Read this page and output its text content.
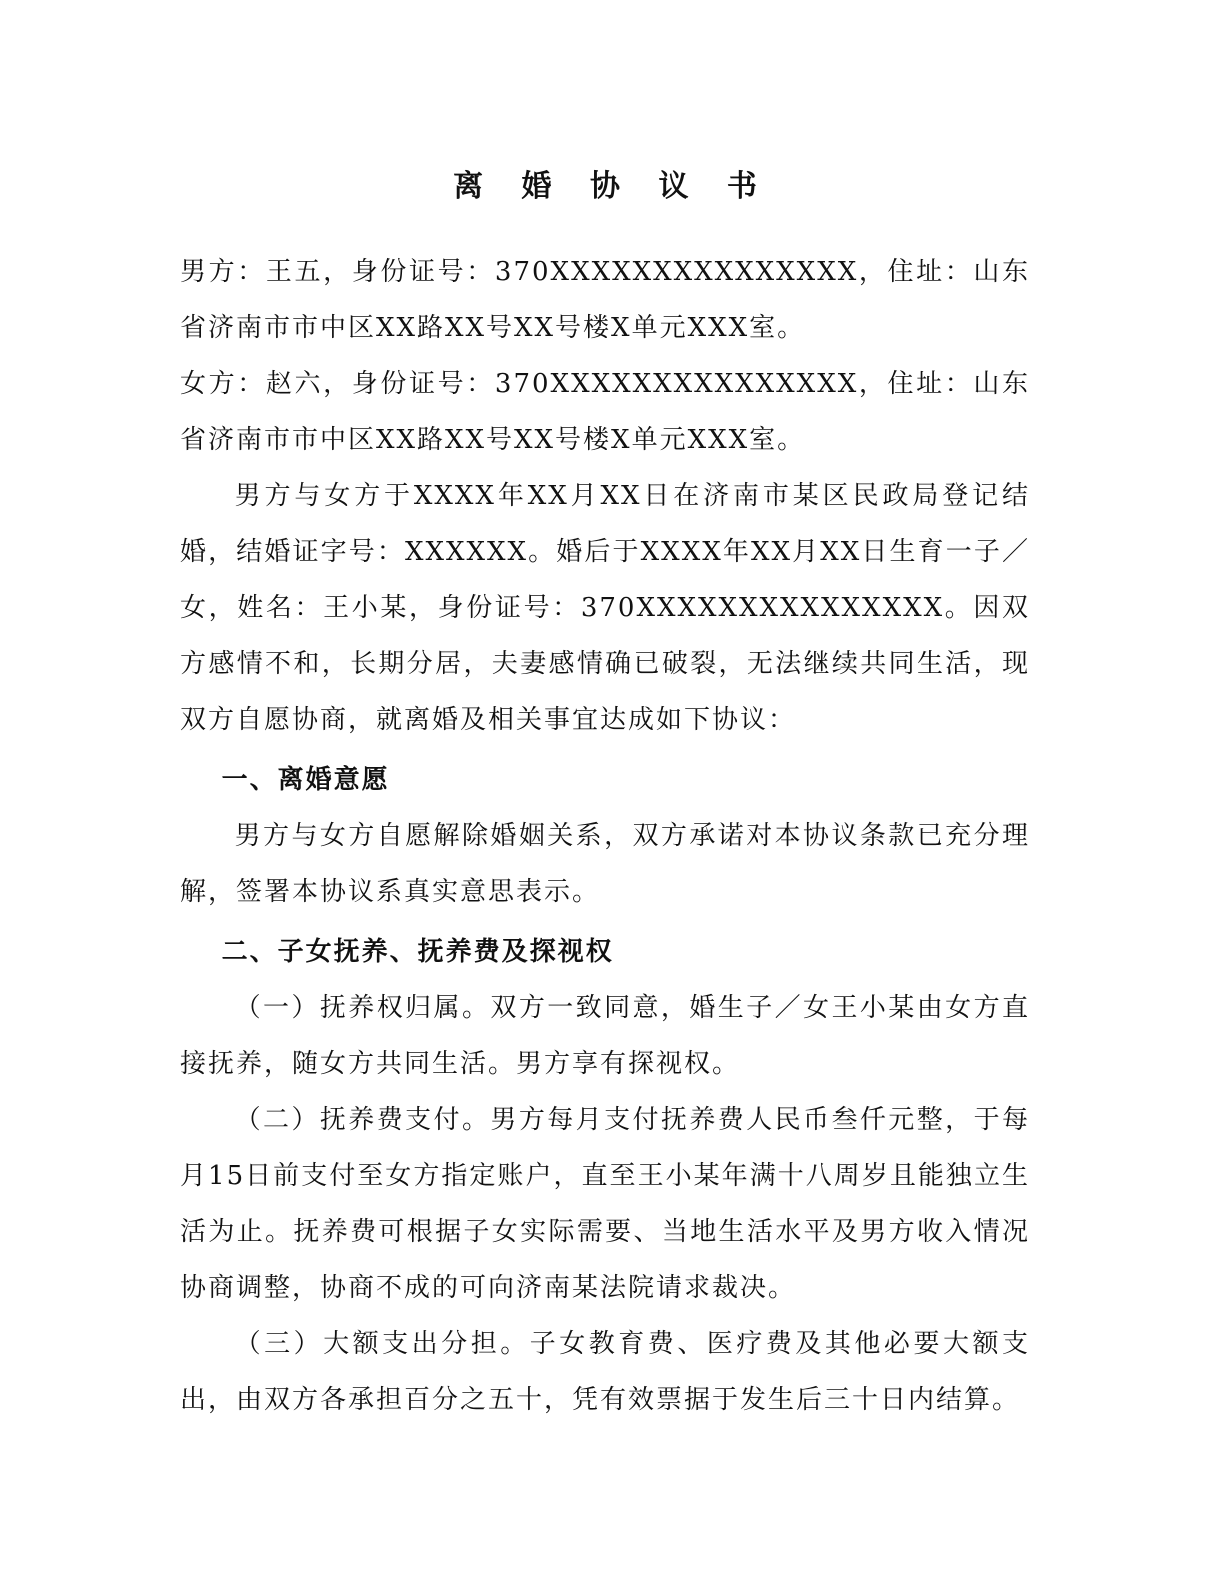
离 婚 协 议 书

男方：王五，身份证号：370XXXXXXXXXXXXXXX，住址：山东省济南市市中区XX路XX号XX号楼X单元XXX室。

女方：赵六，身份证号：370XXXXXXXXXXXXXXX，住址：山东省济南市市中区XX路XX号XX号楼X单元XXX室。

男方与女方于XXXX年XX月XX日在济南市某区民政局登记结婚，结婚证字号：XXXXXX。婚后于XXXX年XX月XX日生育一子／女，姓名：王小某，身份证号：370XXXXXXXXXXXXXXX。因双方感情不和，长期分居，夫妻感情确已破裂，无法继续共同生活，现双方自愿协商，就离婚及相关事宜达成如下协议：

一、离婚意愿

男方与女方自愿解除婚姻关系，双方承诺对本协议条款已充分理解，签署本协议系真实意思表示。

二、子女抚养、抚养费及探视权

（一）抚养权归属。双方一致同意，婚生子／女王小某由女方直接抚养，随女方共同生活。男方享有探视权。

（二）抚养费支付。男方每月支付抚养费人民币叁仟元整，于每月15日前支付至女方指定账户，直至王小某年满十八周岁且能独立生活为止。抚养费可根据子女实际需要、当地生活水平及男方收入情况协商调整，协商不成的可向济南某法院请求裁决。

（三）大额支出分担。子女教育费、医疗费及其他必要大额支出，由双方各承担百分之五十，凭有效票据于发生后三十日内结算。
